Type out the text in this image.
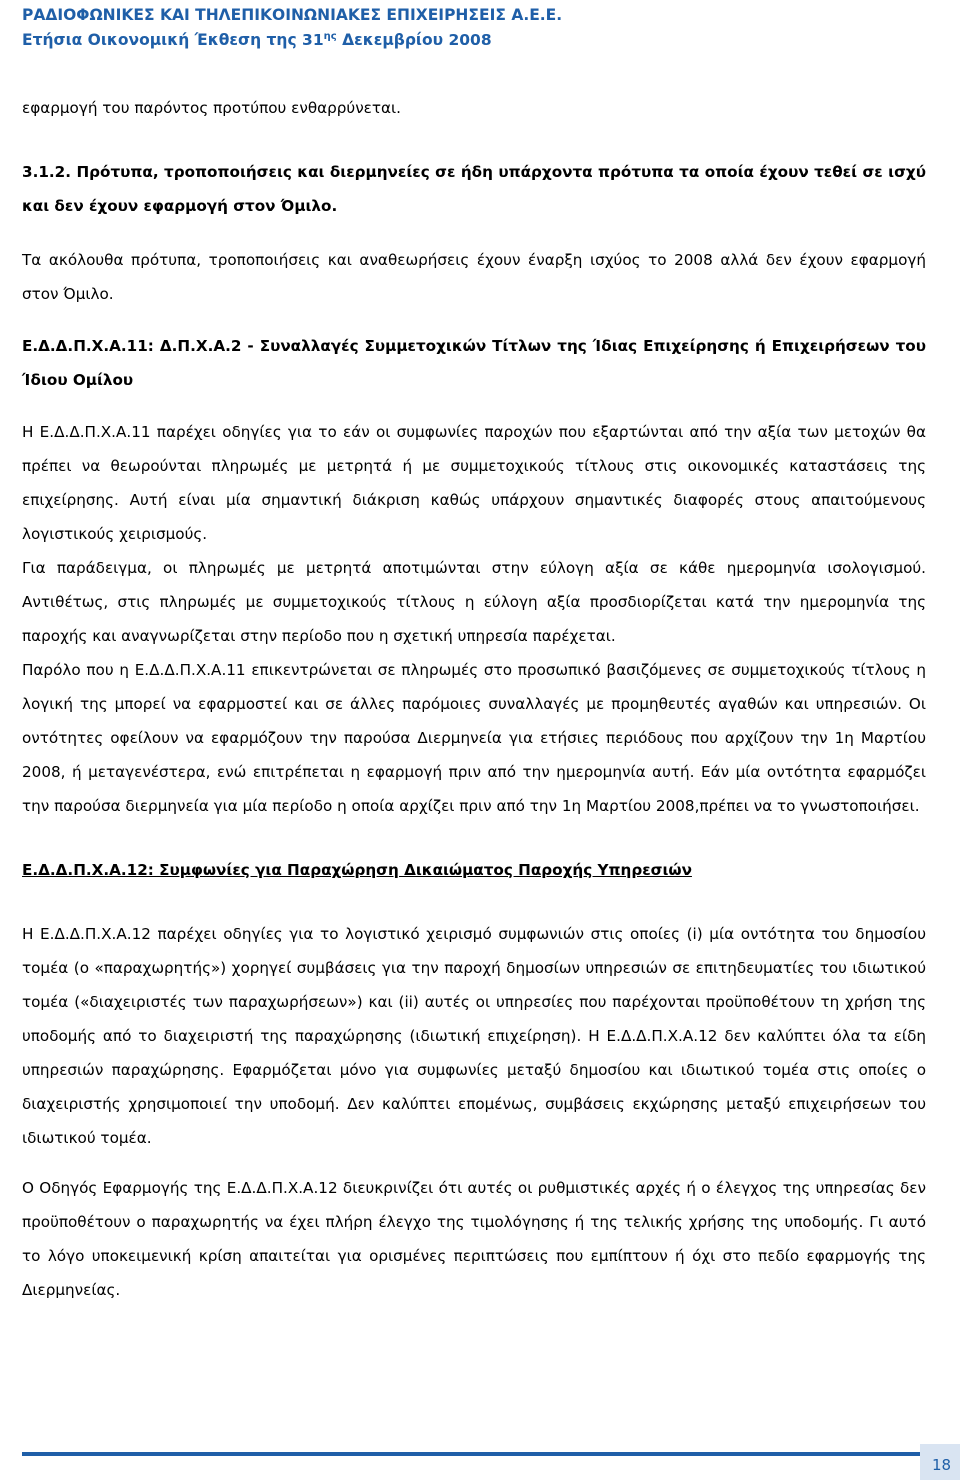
ΡΑΔΙΟΦΩΝΙΚΕΣ ΚΑΙ ΤΗΛΕΠΙΚΟΙΝΩΝΙΑΚΕΣ ΕΠΙΧΕΙΡΗΣΕΙΣ Α.Ε.Ε.
Ετήσια Οικονομική Έκθεση της $31^{\eta\varsigma}$ Δεκεμβρίου 2008

εφαρμογή του παρόντος προτύπου ενθαρρύνεται.

3.1.2. Πρότυπα, τροποποιήσεις και διερμηνείες σε ήδη υπάρχοντα πρότυπα τα οποία έχουν τεθεί σε ισχύ και δεν έχουν εφαρμογή στον Όμιλο.

Τα ακόλουθα πρότυπα, τροποποιήσεις και αναθεωρήσεις έχουν έναρξη ισχύος το 2008 αλλά δεν έχουν εφαρμογή στον Όμιλο.

Ε.Δ.Δ.Π.Χ.Α.11: Δ.Π.Χ.Α.2 - Συναλλαγές Συμμετοχικών Τίτλων της Ίδιας Επιχείρησης ή Επιχειρήσεων του Ίδιου Ομίλου

Η Ε.Δ.Δ.Π.Χ.Α.11 παρέχει οδηγίες για το εάν οι συμφωνίες παροχών που εξαρτώνται από την αξία των μετοχών θα πρέπει να θεωρούνται πληρωμές με μετρητά ή με συμμετοχικούς τίτλους στις οικονομικές καταστάσεις της επιχείρησης. Αυτή είναι μία σημαντική διάκριση καθώς υπάρχουν σημαντικές διαφορές στους απαιτούμενους λογιστικούς χειρισμούς.

Για παράδειγμα, οι πληρωμές με μετρητά αποτιμώνται στην εύλογη αξία σε κάθε ημερομηνία ισολογισμού. Αντιθέτως, στις πληρωμές με συμμετοχικούς τίτλους η εύλογη αξία προσδιορίζεται κατά την ημερομηνία της παροχής και αναγνωρίζεται στην περίοδο που η σχετική υπηρεσία παρέχεται.

Παρόλο που η Ε.Δ.Δ.Π.Χ.Α.11 επικεντρώνεται σε πληρωμές στο προσωπικό βασιζόμενες σε συμμετοχικούς τίτλους η λογική της μπορεί να εφαρμοστεί και σε άλλες παρόμοιες συναλλαγές με προμηθευτές αγαθών και υπηρεσιών. Οι οντότητες οφείλουν να εφαρμόζουν την παρούσα Διερμηνεία για ετήσιες περιόδους που αρχίζουν την 1η Μαρτίου 2008, ή μεταγενέστερα, ενώ επιτρέπεται η εφαρμογή πριν από την ημερομηνία αυτή. Εάν μία οντότητα εφαρμόζει την παρούσα διερμηνεία για μία περίοδο η οποία αρχίζει πριν από την 1η Μαρτίου 2008,πρέπει να το γνωστοποιήσει.

Ε.Δ.Δ.Π.Χ.Α.12: Συμφωνίες για Παραχώρηση Δικαιώματος Παροχής Υπηρεσιών

Η Ε.Δ.Δ.Π.Χ.Α.12 παρέχει οδηγίες για το λογιστικό χειρισμό συμφωνιών στις οποίες (i) μία οντότητα του δημοσίου τομέα (ο «παραχωρητής») χορηγεί συμβάσεις για την παροχή δημοσίων υπηρεσιών σε επιτηδευματίες του ιδιωτικού τομέα («διαχειριστές των παραχωρήσεων») και (ii) αυτές οι υπηρεσίες που παρέχονται προϋποθέτουν τη χρήση της υποδομής από το διαχειριστή της παραχώρησης (ιδιωτική επιχείρηση). Η Ε.Δ.Δ.Π.Χ.Α.12 δεν καλύπτει όλα τα είδη υπηρεσιών παραχώρησης. Εφαρμόζεται μόνο για συμφωνίες μεταξύ δημοσίου και ιδιωτικού τομέα στις οποίες ο διαχειριστής χρησιμοποιεί την υποδομή. Δεν καλύπτει επομένως, συμβάσεις εκχώρησης μεταξύ επιχειρήσεων του ιδιωτικού τομέα.

Ο Οδηγός Εφαρμογής της Ε.Δ.Δ.Π.Χ.Α.12 διευκρινίζει ότι αυτές οι ρυθμιστικές αρχές ή ο έλεγχος της υπηρεσίας δεν προϋποθέτουν ο παραχωρητής να έχει πλήρη έλεγχο της τιμολόγησης ή της τελικής χρήσης της υποδομής. Γι αυτό το λόγο υποκειμενική κρίση απαιτείται για ορισμένες περιπτώσεις που εμπίπτουν ή όχι στο πεδίο εφαρμογής της Διερμηνείας.

18
